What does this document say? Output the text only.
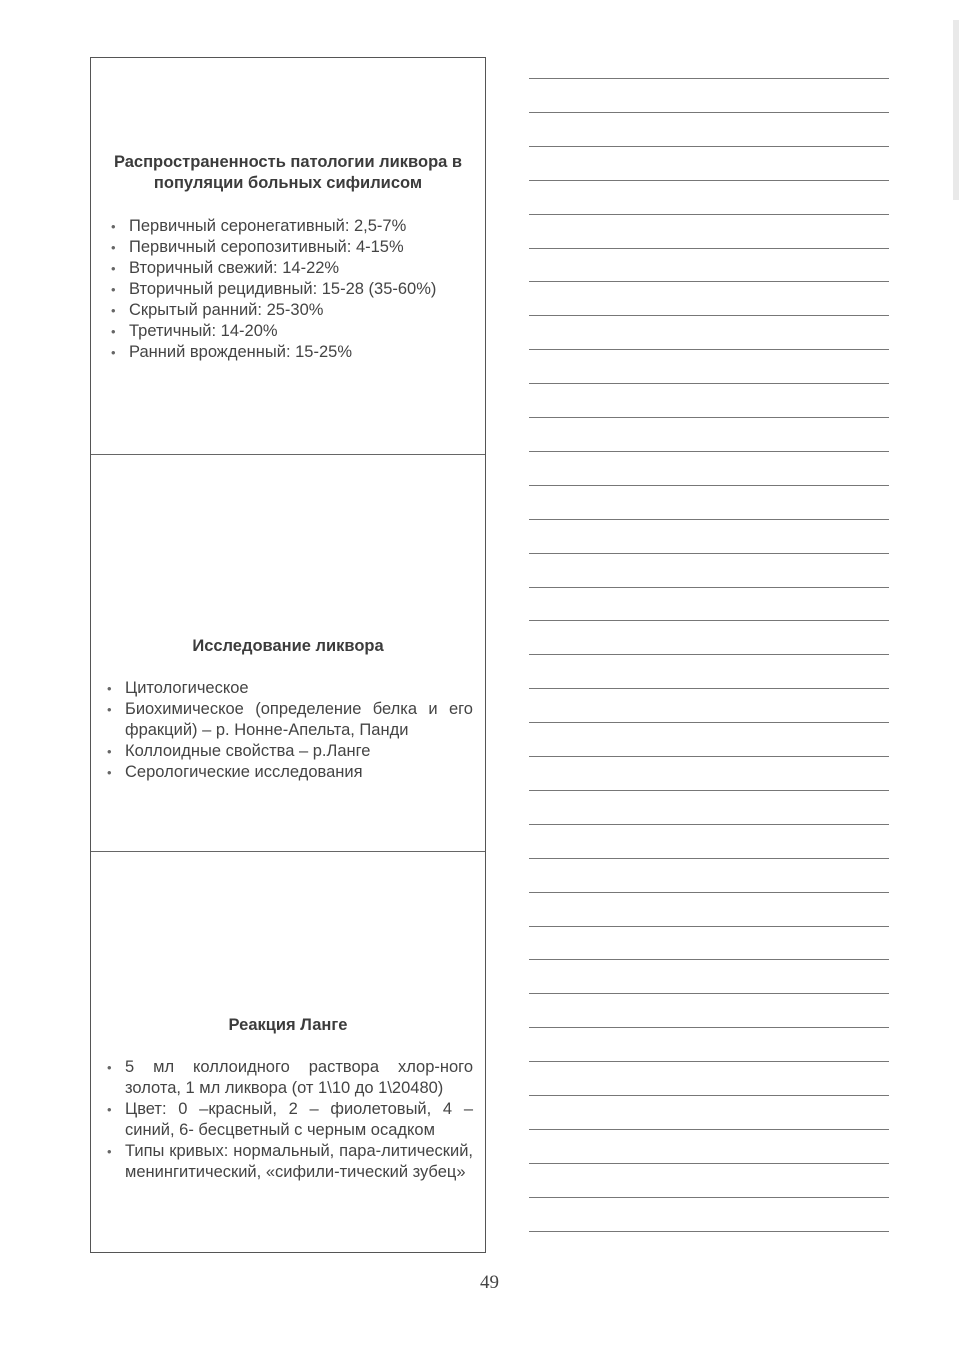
Распространенность патологии ликвора в популяции больных сифилисом
• Первичный серонегативный: 2,5-7%
• Первичный серопозитивный: 4-15%
• Вторичный свежий: 14-22%
• Вторичный рецидивный: 15-28 (35-60%)
• Скрытый ранний: 25-30%
• Третичный: 14-20%
• Ранний врожденный: 15-25%
Исследование ликвора
• Цитологическое
• Биохимическое (определение белка и его фракций) – р. Нонне-Апельта, Панди
• Коллоидные свойства – р.Ланге
• Серологические исследования
Реакция Ланге
• 5 мл коллоидного раствора хлор-ного золота, 1 мл ликвора (от 1\10 до 1\20480)
• Цвет: 0 –красный, 2 – фиолетовый, 4 – синий, 6- бесцветный с черным осадком
• Типы кривых: нормальный, пара-литический, менингитический, «сифили-тический зубец»
49
